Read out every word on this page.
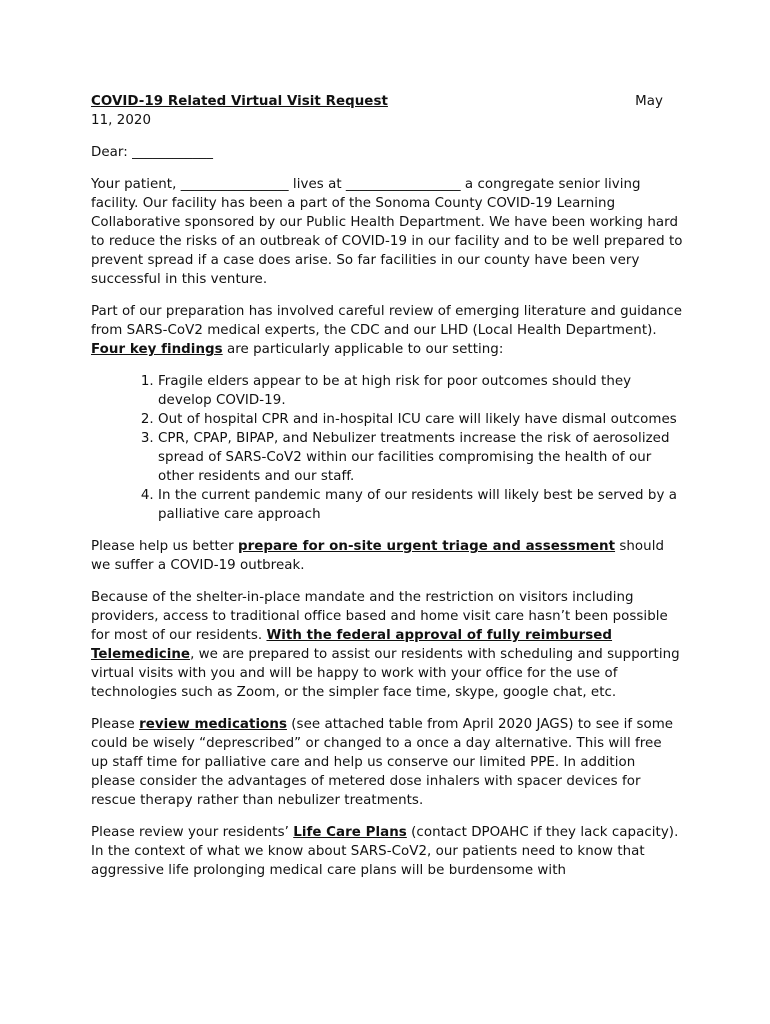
COVID-19 Related Virtual Visit Request	May

11, 2020

Dear: ____________

Your patient, ________________ lives at _________________ a congregate senior living facility. Our facility has been a part of the Sonoma County COVID-19 Learning Collaborative sponsored by our Public Health Department. We have been working hard to reduce the risks of an outbreak of COVID-19 in our facility and to be well prepared to prevent spread if a case does arise. So far facilities in our county have been very successful in this venture.

Part of our preparation has involved careful review of emerging literature and guidance from SARS-CoV2 medical experts, the CDC and our LHD (Local Health Department). Four key findings are particularly applicable to our setting:

1. Fragile elders appear to be at high risk for poor outcomes should they develop COVID-19.
2. Out of hospital CPR and in-hospital ICU care will likely have dismal outcomes
3. CPR, CPAP, BIPAP, and Nebulizer treatments increase the risk of aerosolized spread of SARS-CoV2 within our facilities compromising the health of our other residents and our staff.
4. In the current pandemic many of our residents will likely best be served by a palliative care approach

Please help us better prepare for on-site urgent triage and assessment should we suffer a COVID-19 outbreak.

Because of the shelter-in-place mandate and the restriction on visitors including providers, access to traditional office based and home visit care hasn’t been possible for most of our residents. With the federal approval of fully reimbursed Telemedicine, we are prepared to assist our residents with scheduling and supporting virtual visits with you and will be happy to work with your office for the use of technologies such as Zoom, or the simpler face time, skype, google chat, etc.

Please review medications (see attached table from April 2020 JAGS) to see if some could be wisely “deprescribed” or changed to a once a day alternative. This will free up staff time for palliative care and help us conserve our limited PPE. In addition please consider the advantages of metered dose inhalers with spacer devices for rescue therapy rather than nebulizer treatments.

Please review your residents’ Life Care Plans (contact DPOAHC if they lack capacity). In the context of what we know about SARS-CoV2, our patients need to know that aggressive life prolonging medical care plans will be burdensome with
